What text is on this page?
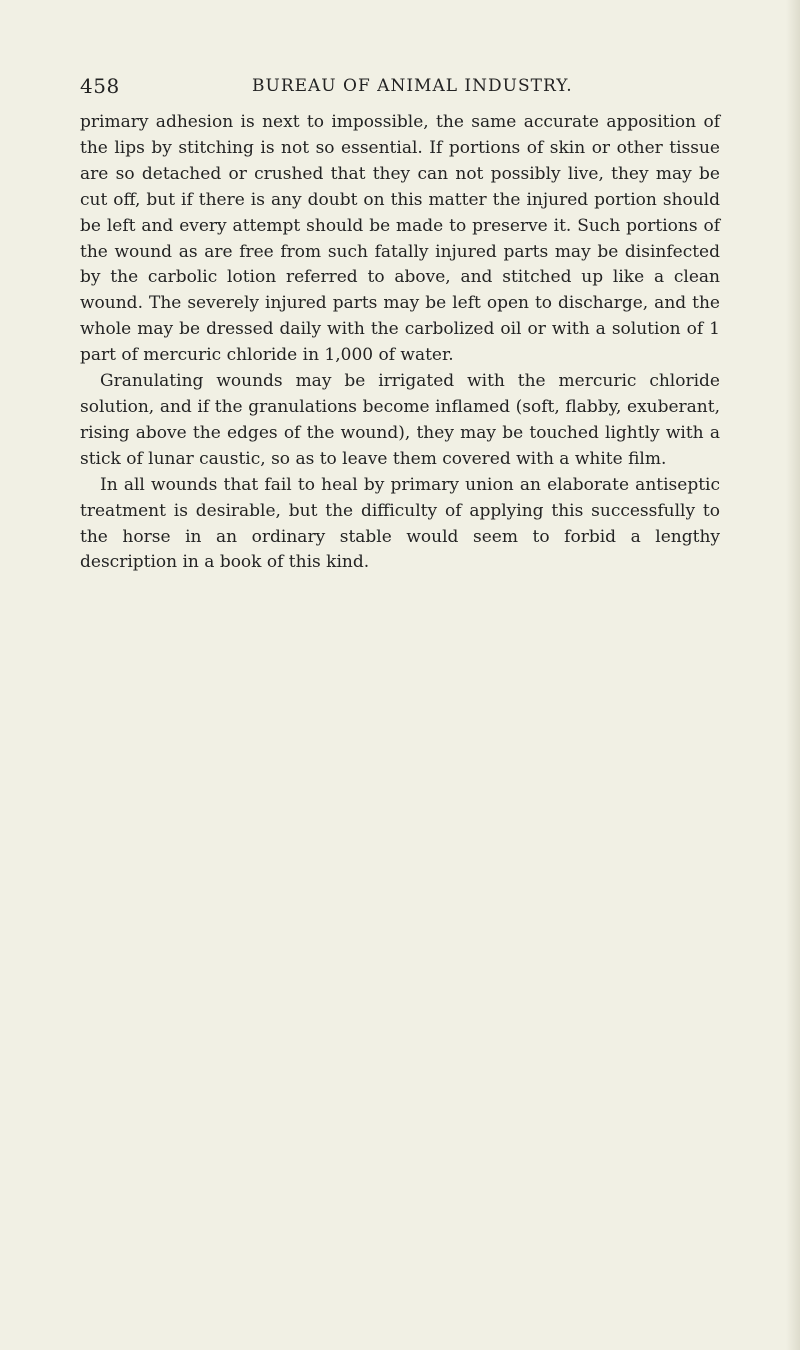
458	BUREAU OF ANIMAL INDUSTRY.

primary adhesion is next to impossible, the same accurate apposition of the lips by stitching is not so essential. If portions of skin or other tissue are so detached or crushed that they can not possibly live, they may be cut off, but if there is any doubt on this matter the injured portion should be left and every attempt should be made to preserve it. Such portions of the wound as are free from such fatally injured parts may be disinfected by the carbolic lotion referred to above, and stitched up like a clean wound. The severely injured parts may be left open to discharge, and the whole may be dressed daily with the carbolized oil or with a solution of 1 part of mercuric chloride in 1,000 of water.

Granulating wounds may be irrigated with the mercuric chloride solution, and if the granulations become inflamed (soft, flabby, exuberant, rising above the edges of the wound), they may be touched lightly with a stick of lunar caustic, so as to leave them covered with a white film.

In all wounds that fail to heal by primary union an elaborate antiseptic treatment is desirable, but the difficulty of applying this successfully to the horse in an ordinary stable would seem to forbid a lengthy description in a book of this kind.
